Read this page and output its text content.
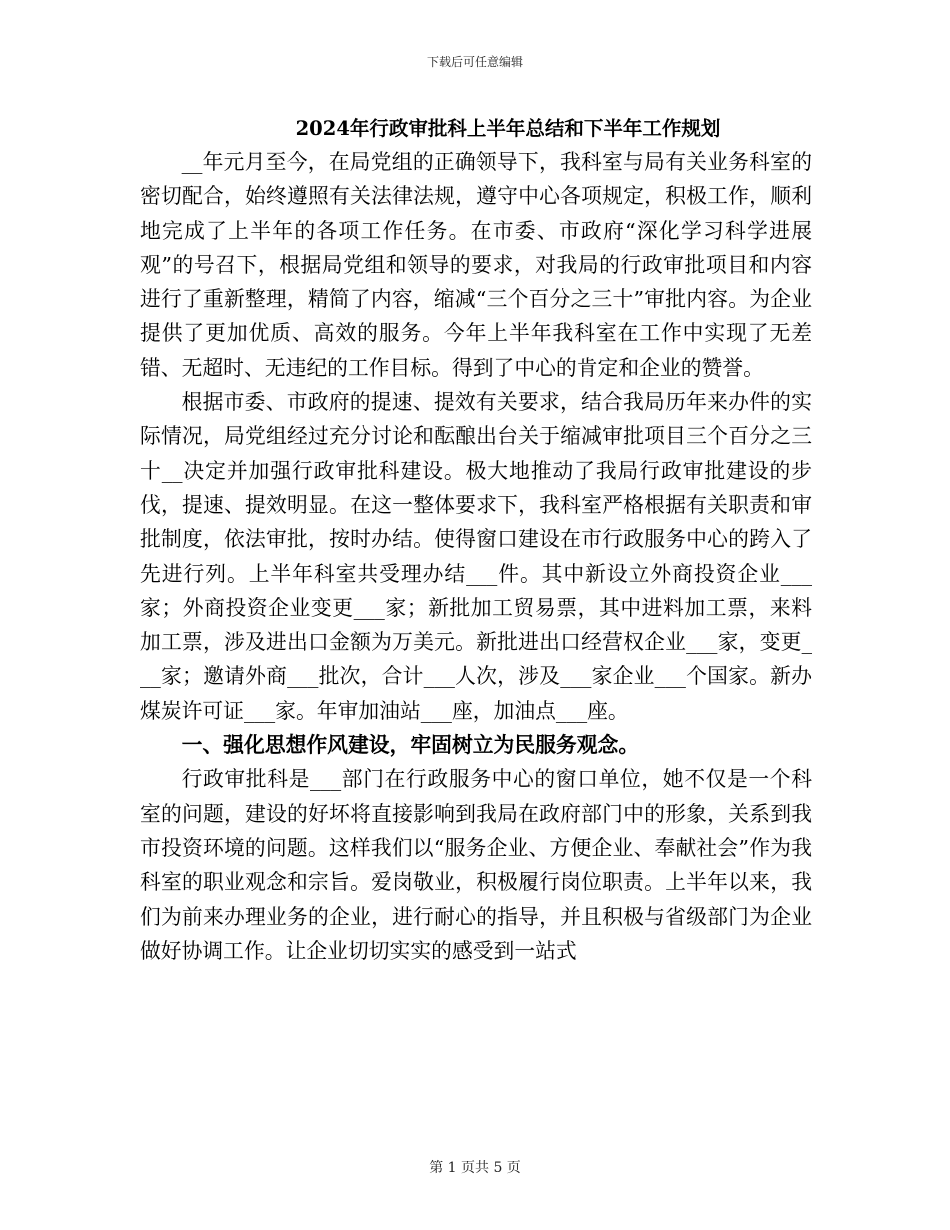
下载后可任意编辑
2024年行政审批科上半年总结和下半年工作规划

__年元月至今，在局党组的正确领导下，我科室与局有关业务科室的密切配合，始终遵照有关法律法规，遵守中心各项规定，积极工作，顺利地完成了上半年的各项工作任务。在市委、市政府“深化学习科学进展观”的号召下，根据局党组和领导的要求，对我局的行政审批项目和内容进行了重新整理，精简了内容，缩减“三个百分之三十”审批内容。为企业提供了更加优质、高效的服务。今年上半年我科室在工作中实现了无差错、无超时、无违纪的工作目标。得到了中心的肯定和企业的赞誉。

根据市委、市政府的提速、提效有关要求，结合我局历年来办件的实际情况，局党组经过充分讨论和酝酿出台关于缩减审批项目三个百分之三十__决定并加强行政审批科建设。极大地推动了我局行政审批建设的步伐，提速、提效明显。在这一整体要求下，我科室严格根据有关职责和审批制度，依法审批，按时办结。使得窗口建设在市行政服务中心的跨入了先进行列。上半年科室共受理办结___件。其中新设立外商投资企业___家；外商投资企业变更___家；新批加工贸易票，其中进料加工票，来料加工票，涉及进出口金额为万美元。新批进出口经营权企业___家，变更___家；邀请外商___批次，合计___人次，涉及___家企业___个国家。新办煤炭许可证___家。年审加油站___座，加油点___座。

一、强化思想作风建设，牢固树立为民服务观念。

行政审批科是___部门在行政服务中心的窗口单位，她不仅是一个科室的问题，建设的好坏将直接影响到我局在政府部门中的形象，关系到我市投资环境的问题。这样我们以“服务企业、方便企业、奉献社会”作为我科室的职业观念和宗旨。爱岗敬业，积极履行岗位职责。上半年以来，我们为前来办理业务的企业，进行耐心的指导，并且积极与省级部门为企业做好协调工作。让企业切切实实的感受到一站式

第 1 页共 5 页
